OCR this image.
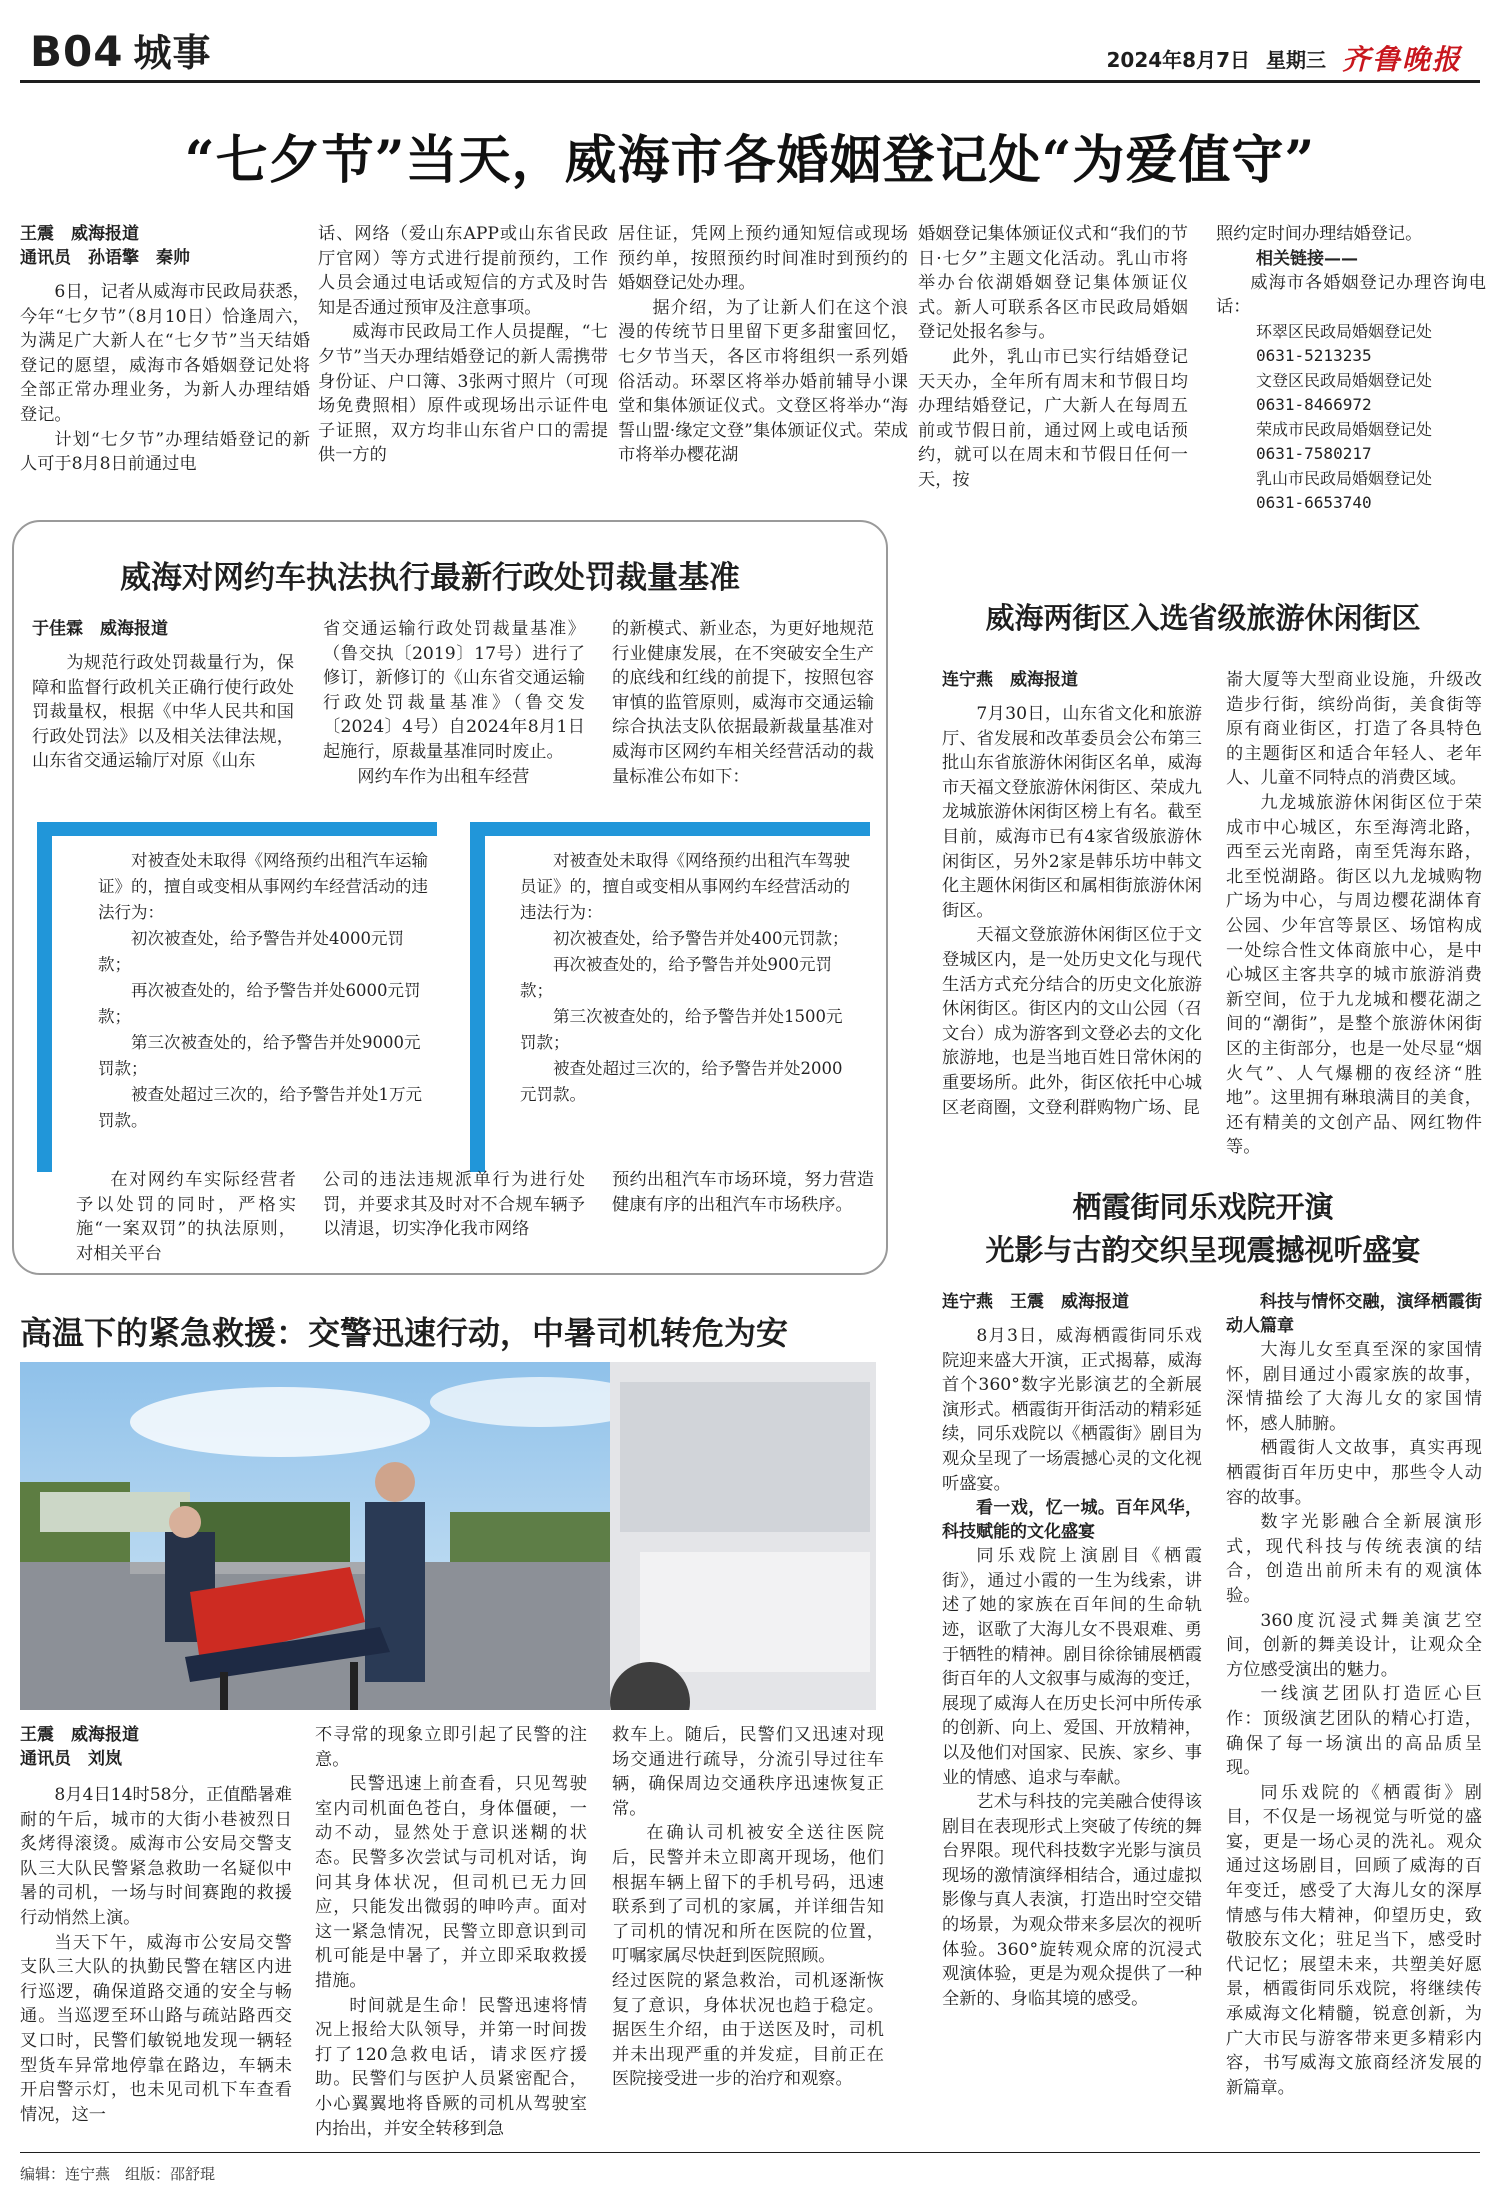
B04 城事	2024年8月7日 星期三 齐鲁晚报
“七夕节”当天，威海市各婚姻登记处“为爱值守”
王震　威海报道
通讯员　孙语擎　秦帅

6日，记者从威海市民政局获悉，今年“七夕节”（8月10日）恰逢周六，为满足广大新人在“七夕节”当天结婚登记的愿望，威海市各婚姻登记处将全部正常办理业务，为新人办理结婚登记。

计划“七夕节”办理结婚登记的新人可于8月8日前通过电

话、网络（爱山东APP或山东省民政厅官网）等方式进行提前预约，工作人员会通过电话或短信的方式及时告知是否通过预审及注意事项。

威海市民政局工作人员提醒，“七夕节”当天办理结婚登记的新人需携带身份证、户口簿、3张两寸照片（可现场免费照相）原件或现场出示证件电子证照，双方均非山东省户口的需提供一方的

居住证，凭网上预约通知短信或现场预约单，按照预约时间准时到预约的婚姻登记处办理。

据介绍，为了让新人们在这个浪漫的传统节日里留下更多甜蜜回忆，七夕节当天，各区市将组织一系列婚俗活动。环翠区将举办婚前辅导小课堂和集体颁证仪式。文登区将举办“海誓山盟·缘定文登”集体颁证仪式。荣成市将举办樱花湖

婚姻登记集体颁证仪式和“我们的节日·七夕”主题文化活动。乳山市将举办台依湖婚姻登记集体颁证仪式。新人可联系各区市民政局婚姻登记处报名参与。

此外，乳山市已实行结婚登记天天办，全年所有周末和节假日均办理结婚登记，广大新人在每周五前或节假日前，通过网上或电话预约，就可以在周末和节假日任何一天，按

照约定时间办理结婚登记。
相关链接——

威海市各婚姻登记办理咨询电话：

环翠区民政局婚姻登记处
0631-5213235
文登区民政局婚姻登记处
0631-8466972
荣成市民政局婚姻登记处
0631-7580217
乳山市民政局婚姻登记处
0631-6653740
威海对网约车执法执行最新行政处罚裁量基准
于佳霖　威海报道

为规范行政处罚裁量行为，保障和监督行政机关正确行使行政处罚裁量权，根据《中华人民共和国行政处罚法》以及相关法律法规，山东省交通运输厅对原《山东

省交通运输行政处罚裁量基准》（鲁交执〔2019〕17号）进行了修订，新修订的《山东省交通运输行政处罚裁量基准》（鲁交发〔2024〕4号）自2024年8月1日起施行，原裁量基准同时废止。

网约车作为出租车经营

的新模式、新业态，为更好地规范行业健康发展，在不突破安全生产的底线和红线的前提下，按照包容审慎的监管原则，威海市交通运输综合执法支队依据最新裁量基准对威海市区网约车相关经营活动的裁量标准公布如下：

对被查处未取得《网络预约出租汽车运输证》的，擅自或变相从事网约车经营活动的违法行为：

初次被查处，给予警告并处4000元罚款；

再次被查处的，给予警告并处6000元罚款；

第三次被查处的，给予警告并处9000元罚款；

被查处超过三次的，给予警告并处1万元罚款。

对被查处未取得《网络预约出租汽车驾驶员证》的，擅自或变相从事网约车经营活动的违法行为：

初次被查处，给予警告并处400元罚款；

再次被查处的，给予警告并处900元罚款；

第三次被查处的，给予警告并处1500元罚款；

被查处超过三次的，给予警告并处2000元罚款。

在对网约车实际经营者予以处罚的同时，严格实施“一案双罚”的执法原则，对相关平台

公司的违法违规派单行为进行处罚，并要求其及时对不合规车辆予以清退，切实净化我市网络
预约出租汽车市场环境，努力营造健康有序的出租汽车市场秩序。
高温下的紧急救援：交警迅速行动，中暑司机转危为安
王震　威海报道
通讯员　刘岚

8月4日14时58分，正值酷暑难耐的午后，城市的大街小巷被烈日炙烤得滚烫。威海市公安局交警支队三大队民警紧急救助一名疑似中暑的司机，一场与时间赛跑的救援行动悄然上演。

当天下午，威海市公安局交警支队三大队的执勤民警在辖区内进行巡逻，确保道路交通的安全与畅通。当巡逻至环山路与疏站路西交叉口时，民警们敏锐地发现一辆轻型货车异常地停靠在路边，车辆未开启警示灯，也未见司机下车查看情况，这一

不寻常的现象立即引起了民警的注意。

民警迅速上前查看，只见驾驶室内司机面色苍白，身体僵硬，一动不动，显然处于意识迷糊的状态。民警多次尝试与司机对话，询问其身体状况，但司机已无力回应，只能发出微弱的呻吟声。面对这一紧急情况，民警立即意识到司机可能是中暑了，并立即采取救援措施。

时间就是生命！民警迅速将情况上报给大队领导，并第一时间拨打了120急救电话，请求医疗援助。民警们与医护人员紧密配合，小心翼翼地将昏厥的司机从驾驶室内抬出，并安全转移到急

救车上。随后，民警们又迅速对现场交通进行疏导，分流引导过往车辆，确保周边交通秩序迅速恢复正常。

在确认司机被安全送往医院后，民警并未立即离开现场，他们根据车辆上留下的手机号码，迅速联系到了司机的家属，并详细告知了司机的情况和所在医院的位置，叮嘱家属尽快赶到医院照顾。

经过医院的紧急救治，司机逐渐恢复了意识，身体状况也趋于稳定。据医生介绍，由于送医及时，司机并未出现严重的并发症，目前正在医院接受进一步的治疗和观察。
威海两街区入选省级旅游休闲街区
连宁燕　威海报道

7月30日，山东省文化和旅游厅、省发展和改革委员会公布第三批山东省旅游休闲街区名单，威海市天福文登旅游休闲街区、荣成九龙城旅游休闲街区榜上有名。截至目前，威海市已有4家省级旅游休闲街区，另外2家是韩乐坊中韩文化主题休闲街区和属相街旅游休闲街区。

天福文登旅游休闲街区位于文登城区内，是一处历史文化与现代生活方式充分结合的历史文化旅游休闲街区。街区内的文山公园（召文台）成为游客到文登必去的文化旅游地，也是当地百姓日常休闲的重要场所。此外，街区依托中心城区老商圈，文登利群购物广场、昆

嵛大厦等大型商业设施，升级改造步行街，缤纷尚街，美食街等原有商业街区，打造了各具特色的主题街区和适合年轻人、老年人、儿童不同特点的消费区域。

九龙城旅游休闲街区位于荣成市中心城区，东至海湾北路，西至云光南路，南至凭海东路，北至悦湖路。街区以九龙城购物广场为中心，与周边樱花湖体育公园、少年宫等景区、场馆构成一处综合性文体商旅中心，是中心城区主客共享的城市旅游消费新空间，位于九龙城和樱花湖之间的“潮街”，是整个旅游休闲街区的主街部分，也是一处尽显“烟火气”、人气爆棚的夜经济“胜地”。这里拥有琳琅满目的美食，还有精美的文创产品、网红物件等。

栖霞街同乐戏院开演
光影与古韵交织呈现震撼视听盛宴
连宁燕　王震　威海报道

8月3日，威海栖霞街同乐戏院迎来盛大开演，正式揭幕，威海首个360°数字光影演艺的全新展演形式。栖霞街开街活动的精彩延续，同乐戏院以《栖霞街》剧目为观众呈现了一场震撼心灵的文化视听盛宴。

看一戏，忆一城。百年风华，科技赋能的文化盛宴

同乐戏院上演剧目《栖霞街》，通过小霞的一生为线索，讲述了她的家族在百年间的生命轨迹，讴歌了大海儿女不畏艰难、勇于牺牲的精神。剧目徐徐铺展栖霞街百年的人文叙事与威海的变迁，展现了威海人在历史长河中所传承的创新、向上、爱国、开放精神，以及他们对国家、民族、家乡、事业的情感、追求与奉献。

艺术与科技的完美融合使得该剧目在表现形式上突破了传统的舞台界限。现代科技数字光影与演员现场的激情演绎相结合，通过虚拟影像与真人表演，打造出时空交错的场景，为观众带来多层次的视听体验。360°旋转观众席的沉浸式观演体验，更是为观众提供了一种全新的、身临其境的感受。

科技与情怀交融，演绎栖霞街动人篇章

大海儿女至真至深的家国情怀，剧目通过小霞家族的故事，深情描绘了大海儿女的家国情怀，感人肺腑。

栖霞街人文故事，真实再现栖霞街百年历史中，那些令人动容的故事。

数字光影融合全新展演形式，现代科技与传统表演的结合，创造出前所未有的观演体验。

360度沉浸式舞美演艺空间，创新的舞美设计，让观众全方位感受演出的魅力。

一线演艺团队打造匠心巨作：顶级演艺团队的精心打造，确保了每一场演出的高品质呈现。

同乐戏院的《栖霞街》剧目，不仅是一场视觉与听觉的盛宴，更是一场心灵的洗礼。观众通过这场剧目，回顾了威海的百年变迁，感受了大海儿女的深厚情感与伟大精神，仰望历史，致敬胶东文化；驻足当下，感受时代记忆；展望未来，共塑美好愿景，栖霞街同乐戏院，将继续传承威海文化精髓，锐意创新，为广大市民与游客带来更多精彩内容，书写威海文旅商经济发展的新篇章。

编辑：连宁燕　组版：邵舒琨
